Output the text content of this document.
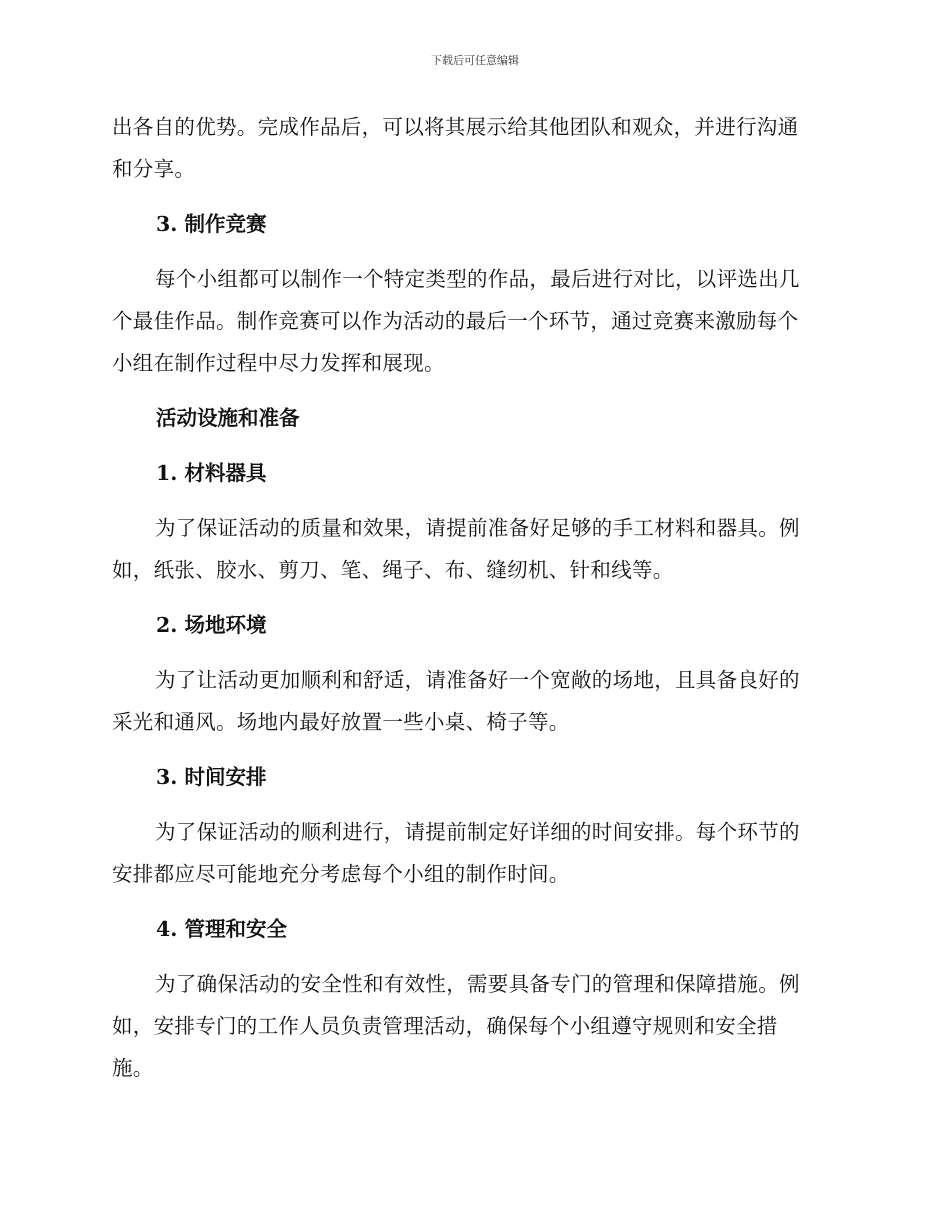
下载后可任意编辑
出各自的优势。完成作品后，可以将其展示给其他团队和观众，并进行沟通
和分享。
3. 制作竞赛
每个小组都可以制作一个特定类型的作品，最后进行对比，以评选出几
个最佳作品。制作竞赛可以作为活动的最后一个环节，通过竞赛来激励每个
小组在制作过程中尽力发挥和展现。
活动设施和准备
1. 材料器具
为了保证活动的质量和效果，请提前准备好足够的手工材料和器具。例
如，纸张、胶水、剪刀、笔、绳子、布、缝纫机、针和线等。
2. 场地环境
为了让活动更加顺利和舒适，请准备好一个宽敞的场地，且具备良好的
采光和通风。场地内最好放置一些小桌、椅子等。
3. 时间安排
为了保证活动的顺利进行，请提前制定好详细的时间安排。每个环节的
安排都应尽可能地充分考虑每个小组的制作时间。
4. 管理和安全
为了确保活动的安全性和有效性，需要具备专门的管理和保障措施。例
如，安排专门的工作人员负责管理活动，确保每个小组遵守规则和安全措
施。
